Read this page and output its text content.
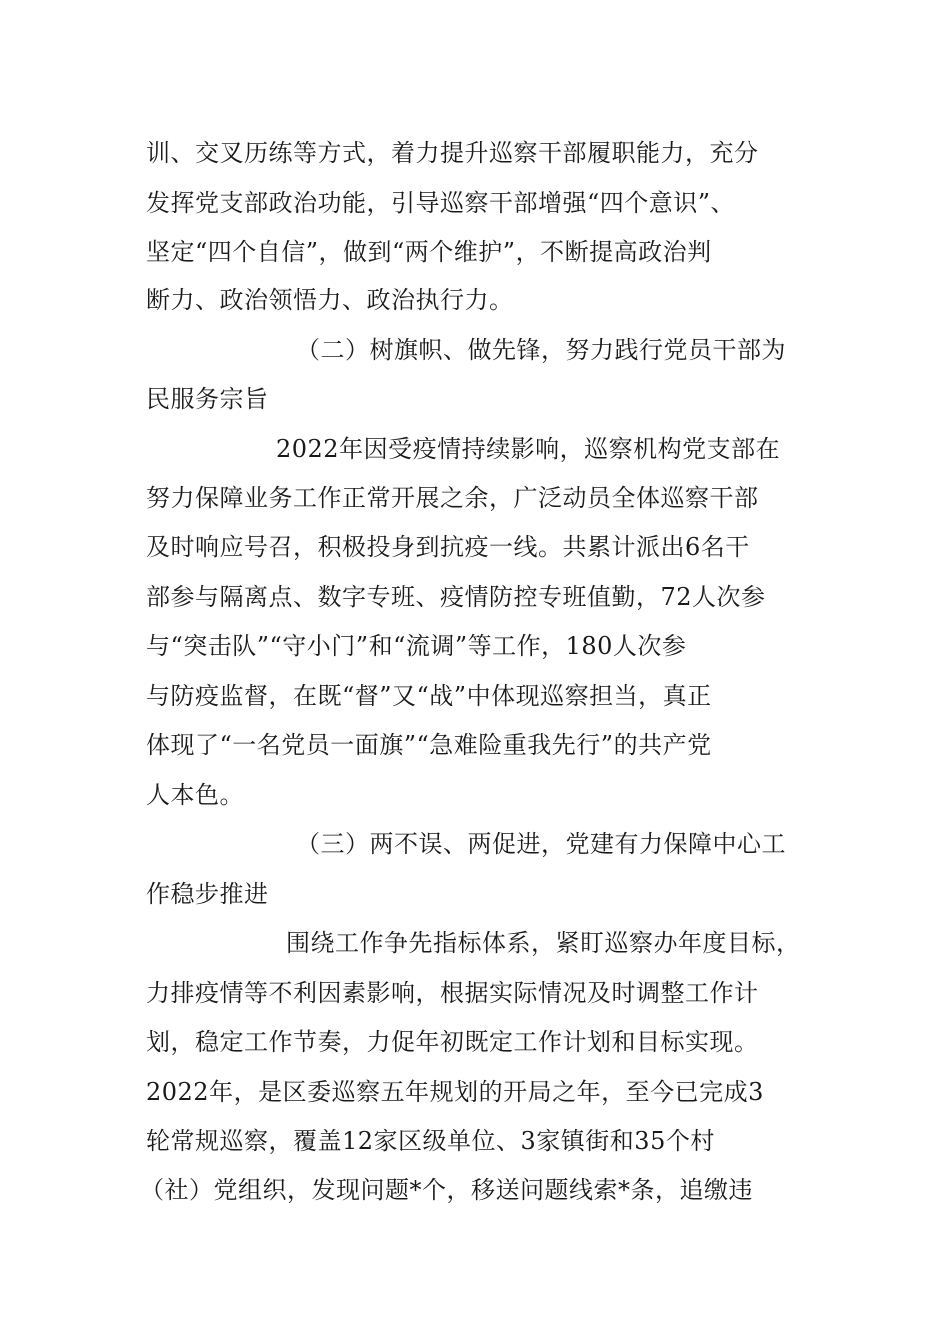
训、交叉历练等方式，着力提升巡察干部履职能力，充分
发挥党支部政治功能，引导巡察干部增强“四个意识”、
坚定“四个自信”，做到“两个维护”，不断提高政治判
断力、政治领悟力、政治执行力。
（二）树旗帜、做先锋，努力践行党员干部为
民服务宗旨
2022年因受疫情持续影响，巡察机构党支部在
努力保障业务工作正常开展之余，广泛动员全体巡察干部
及时响应号召，积极投身到抗疫一线。共累计派出6名干
部参与隔离点、数字专班、疫情防控专班值勤，72人次参
与“突击队”“守小门”和“流调”等工作，180人次参
与防疫监督，在既“督”又“战”中体现巡察担当，真正
体现了“一名党员一面旗”“急难险重我先行”的共产党
人本色。
（三）两不误、两促进，党建有力保障中心工
作稳步推进
围绕工作争先指标体系，紧盯巡察办年度目标，
力排疫情等不利因素影响，根据实际情况及时调整工作计
划，稳定工作节奏，力促年初既定工作计划和目标实现。
2022年，是区委巡察五年规划的开局之年，至今已完成3
轮常规巡察，覆盖12家区级单位、3家镇街和35个村
（社）党组织，发现问题*个，移送问题线索*条，追缴违
